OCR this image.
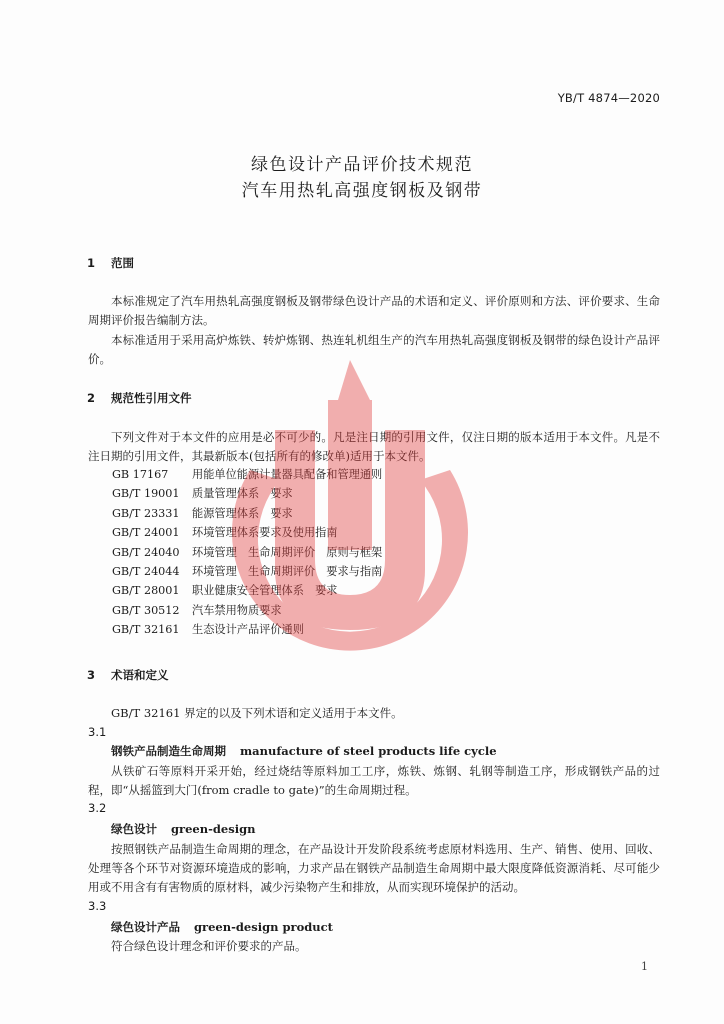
YB/T 4874—2020
绿色设计产品评价技术规范
汽车用热轧高强度钢板及钢带
1 范围
本标准规定了汽车用热轧高强度钢板及钢带绿色设计产品的术语和定义、评价原则和方法、评价要求、生命周期评价报告编制方法。
本标准适用于采用高炉炼铁、转炉炼钢、热连轧机组生产的汽车用热轧高强度钢板及钢带的绿色设计产品评价。
2 规范性引用文件
下列文件对于本文件的应用是必不可少的。凡是注日期的引用文件，仅注日期的版本适用于本文件。凡是不注日期的引用文件，其最新版本(包括所有的修改单)适用于本文件。
GB 17167 用能单位能源计量器具配备和管理通则
GB/T 19001 质量管理体系　要求
GB/T 23331 能源管理体系　要求
GB/T 24001 环境管理体系要求及使用指南
GB/T 24040 环境管理　生命周期评价　原则与框架
GB/T 24044 环境管理　生命周期评价　要求与指南
GB/T 28001 职业健康安全管理体系　要求
GB/T 30512 汽车禁用物质要求
GB/T 32161 生态设计产品评价通则
3 术语和定义
GB/T 32161 界定的以及下列术语和定义适用于本文件。
3.1
钢铁产品制造生命周期 manufacture of steel products life cycle
从铁矿石等原料开采开始，经过烧结等原料加工工序，炼铁、炼钢、轧钢等制造工序，形成钢铁产品的过程，即“从摇篮到大门(from cradle to gate)”的生命周期过程。
3.2
绿色设计 green-design
按照钢铁产品制造生命周期的理念，在产品设计开发阶段系统考虑原材料选用、生产、销售、使用、回收、处理等各个环节对资源环境造成的影响，力求产品在钢铁产品制造生命周期中最大限度降低资源消耗、尽可能少用或不用含有有害物质的原材料，减少污染物产生和排放，从而实现环境保护的活动。
3.3
绿色设计产品 green-design product
符合绿色设计理念和评价要求的产品。
1
